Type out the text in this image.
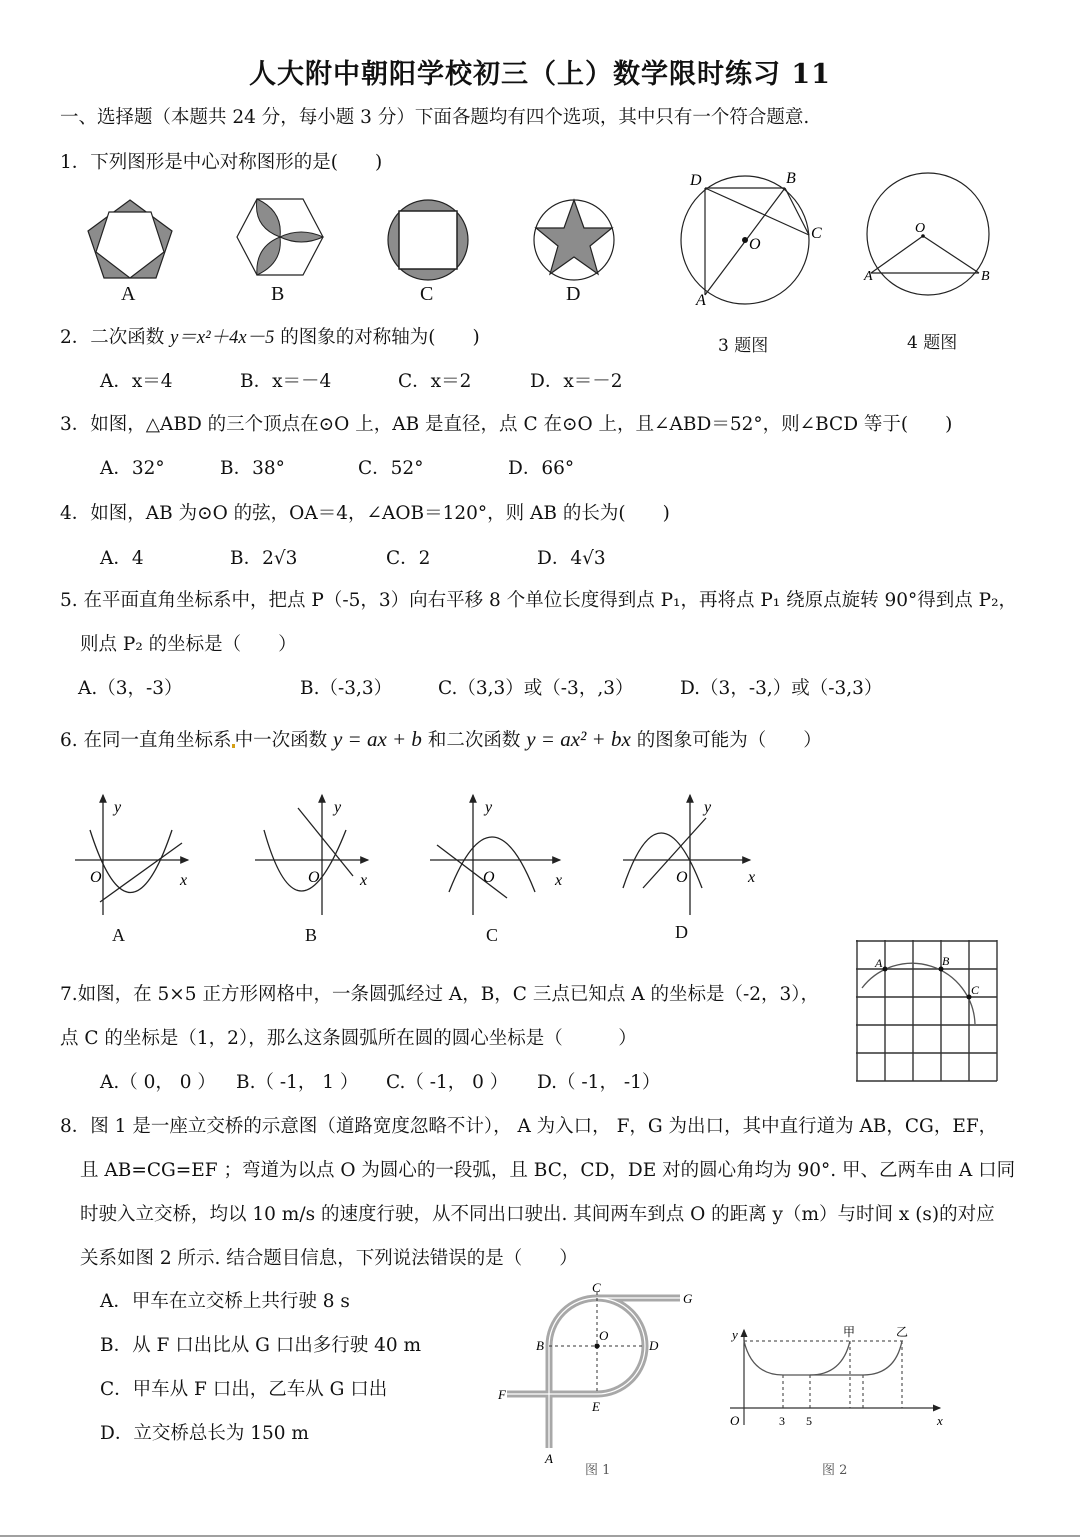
人大附中朝阳学校初三（上）数学限时练习 11
一、选择题（本题共 24 分，每小题 3 分）下面各题均有四个选项，其中只有一个符合题意.
1．下列图形是中心对称图形的是(　　)
A	B	C	D
D	B
C
O
A
3 题图
O
A	B
4 题图
2．二次函数 y＝x²＋4x－5 的图象的对称轴为(　　)
A．x＝4	B．x＝－4	C．x＝2	D．x＝－2
3．如图，△ABD 的三个顶点在⊙O 上，AB 是直径，点 C 在⊙O 上，且∠ABD＝52°，则∠BCD 等于(　　)
A．32°	B．38°	C．52°	D．66°
4．如图，AB 为⊙O 的弦，OA＝4，∠AOB＝120°，则 AB 的长为(　　)
A．4	B．2√3	C．2	D．4√3
5. 在平面直角坐标系中，把点 P（-5，3）向右平移 8 个单位长度得到点 P₁，再将点 P₁ 绕原点旋转 90°得到点 P₂，
则点 P₂ 的坐标是（　　）
A.（3，-3）	B.（-3,3） C.（3,3）或（-3，,3）	D.（3，-3,）或（-3,3）
6. 在同一直角坐标系 中一次函数 y = ax + b 和二次函数 y = ax² + bx 的图象可能为（　　）
y
x
O
A
y
x
O
B
y
x
O
C
y
x
O
D
A	B
C
7.如图，在 5×5 正方形网格中，一条圆弧经过 A，B，C 三点已知点 A 的坐标是（-2，3），
点 C 的坐标是（1，2），那么这条圆弧所在圆的圆心坐标是（　　　）
A.（ 0， 0 ） B.（ -1， 1 ） C.（ -1， 0 ） D.（ -1， -1）
8．图 1 是一座立交桥的示意图（道路宽度忽略不计）， A 为入口， F，G 为出口，其中直行道为 AB，CG，EF，
且 AB=CG=EF ；弯道为以点 O 为圆心的一段弧，且 BC，CD，DE 对的圆心角均为 90°. 甲、乙两车由 A 口同
时驶入立交桥，均以 10 m/s 的速度行驶，从不同出口驶出. 其间两车到点 O 的距离 y（m）与时间 x (s)的对应
关系如图 2 所示. 结合题目信息，下列说法错误的是（　　）
A．甲车在立交桥上共行驶 8 s
B．从 F 口出比从 G 口出多行驶 40 m
C．甲车从 F 口出，乙车从 G 口出
D．立交桥总长为 150 m
C
G
O
B	D
F
E
A
图 1
y
x
O	3 5
甲	乙
图 2
